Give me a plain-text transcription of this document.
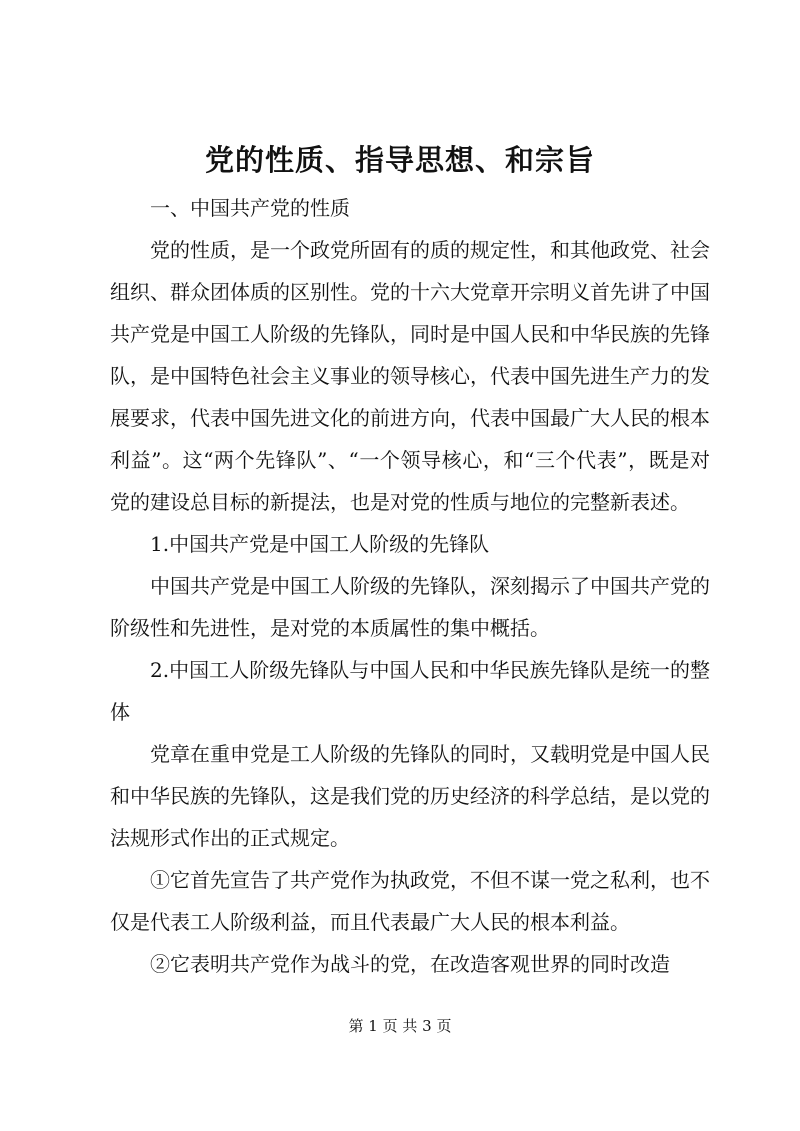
党的性质、指导思想、和宗旨

一、中国共产党的性质

党的性质，是一个政党所固有的质的规定性，和其他政党、社会组织、群众团体质的区别性。党的十六大党章开宗明义首先讲了中国共产党是中国工人阶级的先锋队，同时是中国人民和中华民族的先锋队，是中国特色社会主义事业的领导核心，代表中国先进生产力的发展要求，代表中国先进文化的前进方向，代表中国最广大人民的根本利益”。这“两个先锋队”、“一个领导核心，和“三个代表”，既是对党的建设总目标的新提法，也是对党的性质与地位的完整新表述。

1.中国共产党是中国工人阶级的先锋队

中国共产党是中国工人阶级的先锋队，深刻揭示了中国共产党的阶级性和先进性，是对党的本质属性的集中概括。

2.中国工人阶级先锋队与中国人民和中华民族先锋队是统一的整体

党章在重申党是工人阶级的先锋队的同时，又载明党是中国人民和中华民族的先锋队，这是我们党的历史经济的科学总结，是以党的法规形式作出的正式规定。

①它首先宣告了共产党作为执政党，不但不谋一党之私利，也不仅是代表工人阶级利益，而且代表最广大人民的根本利益。

②它表明共产党作为战斗的党，在改造客观世界的同时改造

第 1 页 共 3 页
